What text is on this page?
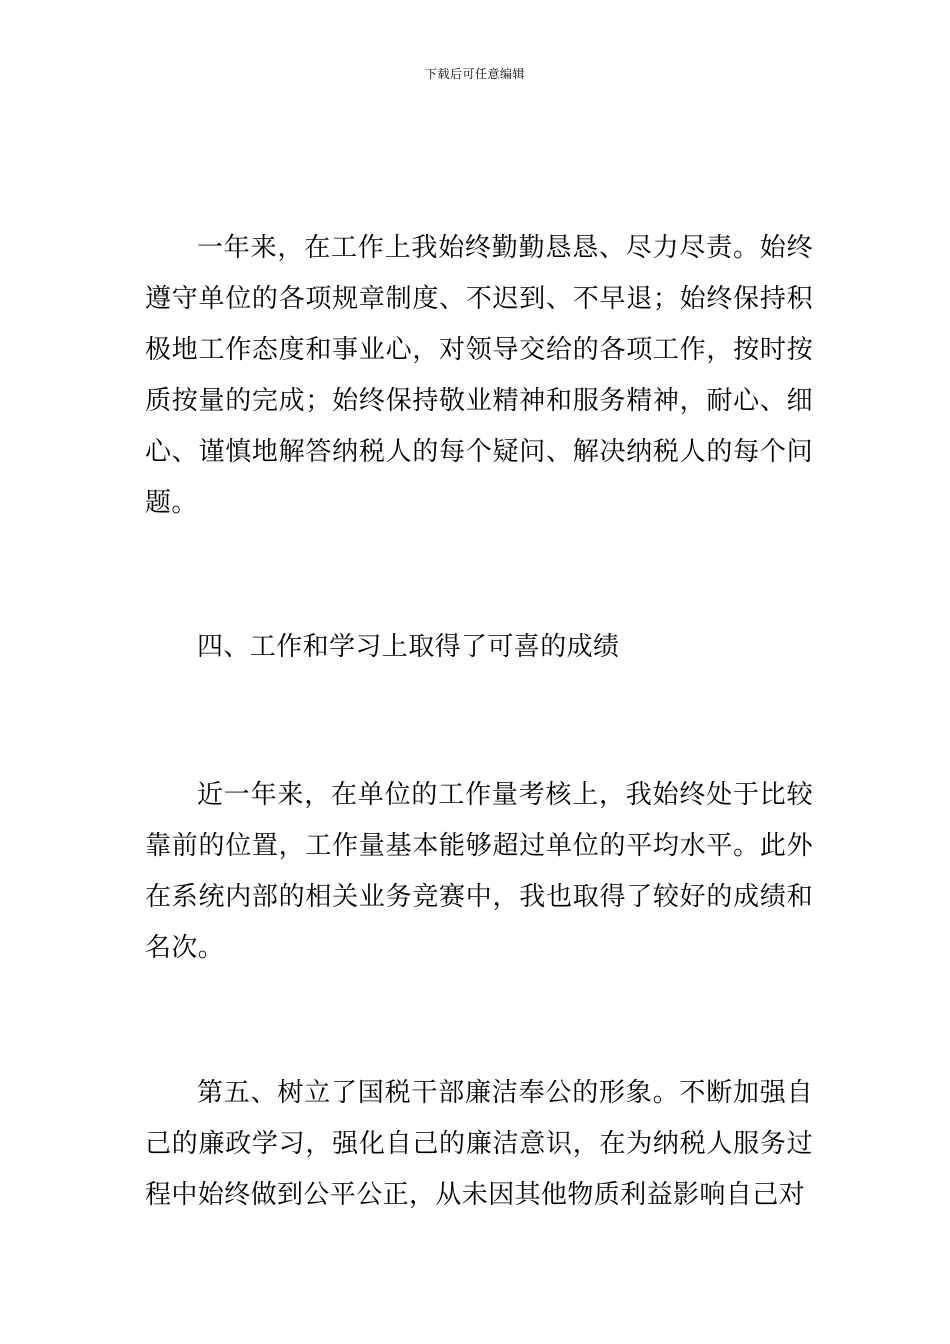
下载后可任意编辑

一年来，在工作上我始终勤勤恳恳、尽力尽责。始终遵守单位的各项规章制度、不迟到、不早退；始终保持积极地工作态度和事业心，对领导交给的各项工作，按时按质按量的完成；始终保持敬业精神和服务精神，耐心、细心、谨慎地解答纳税人的每个疑问、解决纳税人的每个问题。

四、工作和学习上取得了可喜的成绩

近一年来，在单位的工作量考核上，我始终处于比较靠前的位置，工作量基本能够超过单位的平均水平。此外在系统内部的相关业务竞赛中，我也取得了较好的成绩和名次。

第五、树立了国税干部廉洁奉公的形象。不断加强自己的廉政学习，强化自己的廉洁意识，在为纳税人服务过程中始终做到公平公正，从未因其他物质利益影响自己对
